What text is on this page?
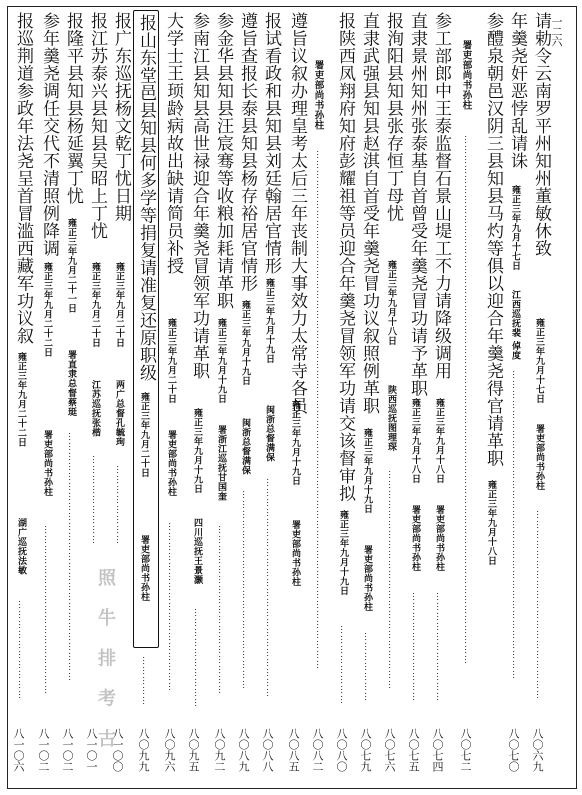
一二六
请勅令云南罗平州知州董敏休致
雍正三年九月十七日
署吏部尚书孙柱
…………………………………………………
八〇六九
年羹尧奸恶悖乱请诛
雍正三年九月十七日
江西巡抚裴 倬度
…………………………………………………………………………………
八〇七〇
参醴泉朝邑汉阴三县知县马灼等俱以迎合年羹尧得官请革职
署吏部尚书孙柱
雍正三年九月十八日
……………………………………………………………………………………………………………………………………………
八〇七二
参工部郎中王泰监督石景山堤工不力请降级调用
雍正三年九月十八日
署吏部尚书孙柱
……………………………
八〇七四
直隶景州知州张泰基自首曾受年羹尧冒功请予革职
雍正三年九月十八日
署吏部尚书孙柱
……………………………
八〇七五
报洵阳县知县张存恒丁母忧
雍正三年九月十八日
陕西巡抚图理琛
…………………………………………………………
八〇七六
直隶武强县知县赵淇自首受年羹尧冒功议叙照例革职
雍正三年九月十九日
署吏部尚书孙柱
…………………
八〇七九
报陕西凤翔府知府彭耀祖等员迎合年羹尧冒领军功请交该督审拟
雍正三年九月十九日
……………………
八〇八〇
遵旨议叙办理皇考太后三年丧制大事效力太常寺各员 署吏部尚书孙柱
雍正三年九月十九日
署吏部尚书孙柱 …………………………………………………………………………………………………………………………………………
八〇八二
报试看政和县知县刘廷翰居官情形
雍正三年九月十九日
闽浙总督满保
…………………………………………………………
八〇八五
遵旨查报长泰县知县杨存裕居官情形
雍正三年九月十九日
闽浙总督满保
……………………………………………………
八〇八八
参金华县知县汪宸骞等收粮加耗请革职
雍正三年九月十九日
署浙江巡抚甘国奎
……………………………………………
八〇八九
参南江县知县高世禄迎合年羹尧冒领军功请革职
雍正三年九月十九日
四川巡抚王景灏
…………………………
八〇九二
大学士王顼龄病故出缺请简员补授
雍正三年九月二十日
署吏部尚书孙柱
……………………………………………
八〇九五
报山东堂邑县知县何多学等捐复请准复还原职级
雍正三年九月二十日
署吏部尚书孙柱
……………
八〇九六
报广东巡抚杨文乾丁忧日期
雍正三年九月二十日
两广总督孔毓珣
……………………
八〇九九
报江苏泰兴县知县吴昭上丁忧
雍正三年九月二十日
江苏巡抚张楷
………………………
八一〇〇
报隆平县知县杨延翼丁忧
雍正三年九月二十一日
署直隶总督蔡珽
…………………………………………………………………
八一〇一
参年羹尧调任交代不清照例降调
雍正三年九月二十二日
署吏部尚书孙柱
……………………………………………
八一〇二
报巡荆道参政年法尧呈首冒滥西藏军功议叙
雍正三年九月二十二日
湖广巡抚法敏
…………………………
八一〇二
八一〇六	照 牛 排 考 古
